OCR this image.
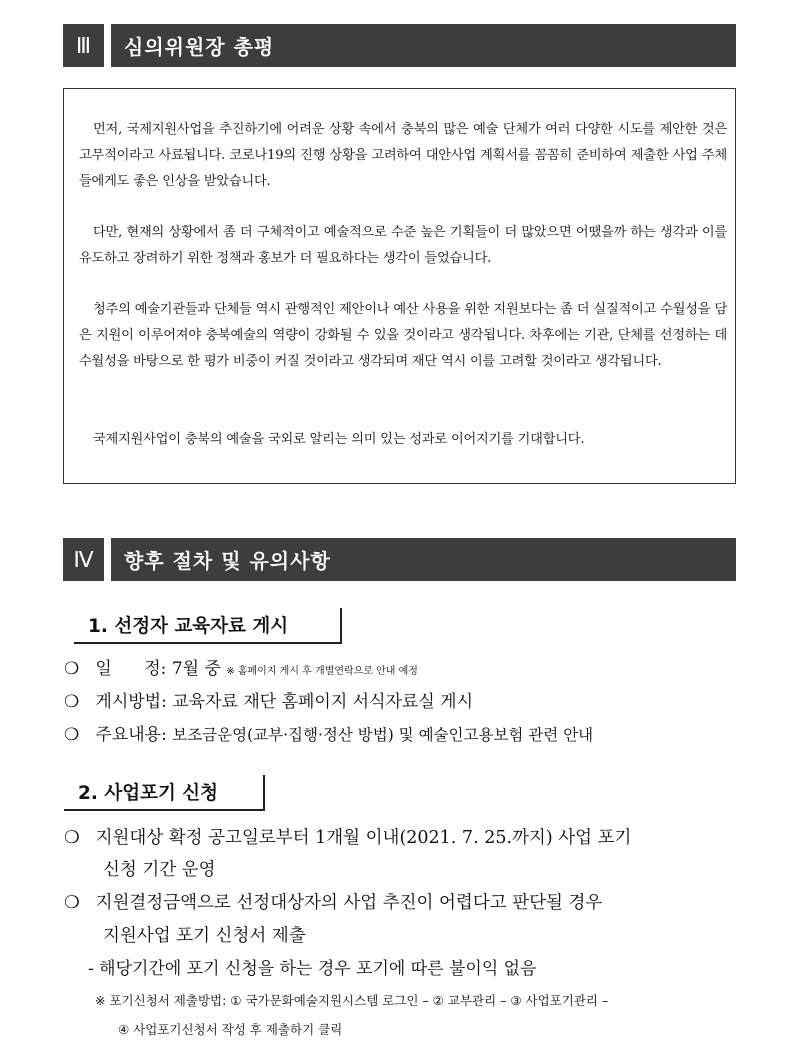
Ⅲ	심의위원장 총평

먼저, 국제지원사업을 추진하기에 어려운 상황 속에서 충북의 많은 예술 단체가 여러 다양한 시도를 제안한 것은 고무적이라고 사료됩니다. 코로나19의 진행 상황을 고려하여 대안사업 계획서를 꼼꼼히 준비하여 제출한 사업 주체들에게도 좋은 인상을 받았습니다.

다만, 현재의 상황에서 좀 더 구체적이고 예술적으로 수준 높은 기획들이 더 많았으면 어땠을까 하는 생각과 이를 유도하고 장려하기 위한 정책과 홍보가 더 필요하다는 생각이 들었습니다.

청주의 예술기관들과 단체들 역시 관행적인 제안이나 예산 사용을 위한 지원보다는 좀 더 실질적이고 수월성을 담은 지원이 이루어져야 충북예술의 역량이 강화될 수 있을 것이라고 생각됩니다. 차후에는 기관, 단체를 선정하는 데 수월성을 바탕으로 한 평가 비중이 커질 것이라고 생각되며 재단 역시 이를 고려할 것이라고 생각됩니다.

국제지원사업이 충북의 예술을 국외로 알리는 의미 있는 성과로 이어지기를 기대합니다.

Ⅳ	향후 절차 및 유의사항
1. 선정자 교육자료 게시
❍ 일      정: 7월 중 ※ 홈페이지 게시 후 개별연락으로 안내 예정
❍ 게시방법: 교육자료 재단 홈페이지 서식자료실 게시
❍ 주요내용: 보조금운영(교부·집행·정산 방법) 및 예술인고용보험 관련 안내
2. 사업포기 신청
❍ 지원대상 확정 공고일로부터 1개월 이내(2021. 7. 25.까지) 사업 포기
신청 기간 운영
❍ 지원결정금액으로 선정대상자의 사업 추진이 어렵다고 판단될 경우
지원사업 포기 신청서 제출
- 해당기간에 포기 신청을 하는 경우 포기에 따른 불이익 없음
※ 포기신청서 제출방법: ① 국가문화예술지원시스템 로그인 – ② 교부관리 – ③ 사업포기관리 –
④ 사업포기신청서 작성 후 제출하기 클릭
